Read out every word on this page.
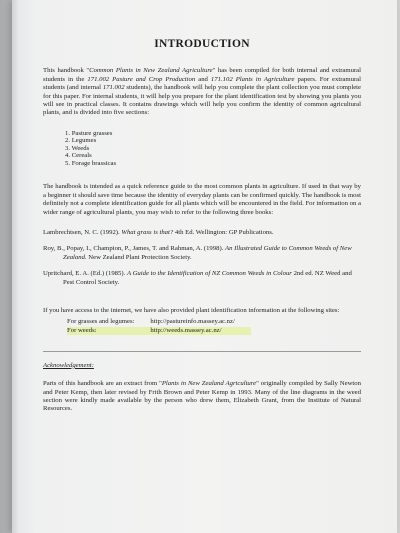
INTRODUCTION

This handbook "Common Plants in New Zealand Agriculture" has been compiled for both internal and extramural students in the 171.002 Pasture and Crop Production and 171.102 Plants in Agriculture papers. For extramural students (and internal 171.002 students), the handbook will help you complete the plant collection you must complete for this paper. For internal students, it will help you prepare for the plant identification test by showing you plants you will see in practical classes. It contains drawings which will help you confirm the identity of common agricultural plants, and is divided into five sections:

1. Pasture grasses
2. Legumes
3. Weeds
4. Cereals
5. Forage brassicas

The handbook is intended as a quick reference guide to the most common plants in agriculture. If used in that way by a beginner it should save time because the identity of everyday plants can be confirmed quickly. The handbook is most definitely not a complete identification guide for all plants which will be encountered in the field. For information on a wider range of agricultural plants, you may wish to refer to the following three books:

Lambrechtsen, N. C. (1992). What grass is that? 4th Ed. Wellington: GP Publications.

Roy, B., Popay, I., Champion, P., James, T. and Rahman, A. (1998). An Illustrated Guide to Common Weeds of New Zealand. New Zealand Plant Protection Society.

Upritchard, E. A. (Ed.) (1985). A Guide to the Identification of NZ Common Weeds in Colour 2nd ed. NZ Weed and Pest Control Society.

If you have access to the internet, we have also provided plant identification information at the following sites:

For grasses and legumes:	http://pastureinfo.massey.ac.nz/
For weeds:	http://weeds.massey.ac.nz/
Acknowledgement:

Parts of this handbook are an extract from "Plants in New Zealand Agriculture" originally compiled by Sally Newton and Peter Kemp, then later revised by Frith Brown and Peter Kemp in 1993. Many of the line diagrams in the weed section were kindly made available by the person who drew them, Elizabeth Grant, from the Institute of Natural Resources.
